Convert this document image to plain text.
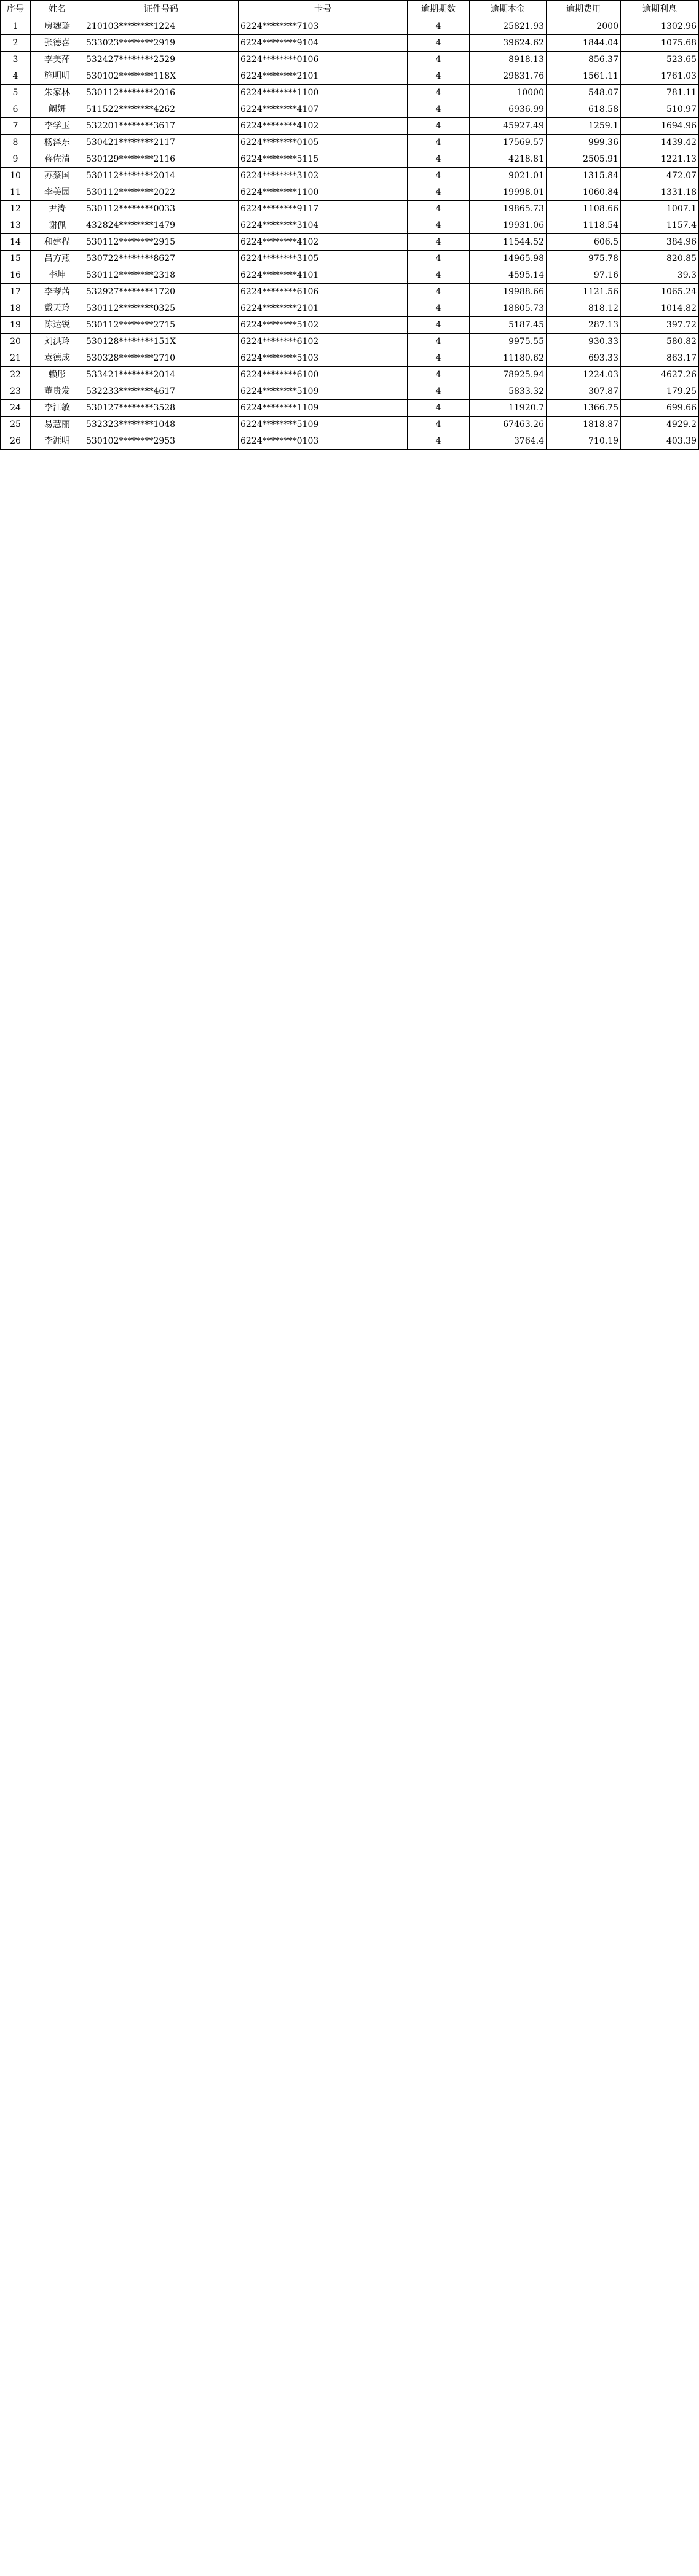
序号	姓名	证件号码	卡号	逾期期数	逾期本金	逾期费用	逾期利息
1	房魏璇	210103********1224	6224********7103	4	25821.93	2000	1302.96
2	张德喜	533023********2919	6224********9104	4	39624.62	1844.04	1075.68
3	李美萍	532427********2529	6224********0106	4	8918.13	856.37	523.65
4	施明明	530102********118X	6224********2101	4	29831.76	1561.11	1761.03
5	朱家林	530112********2016	6224********1100	4	10000	548.07	781.11
6	阚妍	511522********4262	6224********4107	4	6936.99	618.58	510.97
7	李学玉	532201********3617	6224********4102	4	45927.49	1259.1	1694.96
8	杨泽东	530421********2117	6224********0105	4	17569.57	999.36	1439.42
9	蒋佐清	530129********2116	6224********5115	4	4218.81	2505.91	1221.13
10	苏蔡国	530112********2014	6224********3102	4	9021.01	1315.84	472.07
11	李美园	530112********2022	6224********1100	4	19998.01	1060.84	1331.18
12	尹涛	530112********0033	6224********9117	4	19865.73	1108.66	1007.1
13	谢佩	432824********1479	6224********3104	4	19931.06	1118.54	1157.4
14	和建程	530112********2915	6224********4102	4	11544.52	606.5	384.96
15	吕方燕	530722********8627	6224********3105	4	14965.98	975.78	820.85
16	李坤	530112********2318	6224********4101	4	4595.14	97.16	39.3
17	李琴茜	532927********1720	6224********6106	4	19988.66	1121.56	1065.24
18	戴天玲	530112********0325	6224********2101	4	18805.73	818.12	1014.82
19	陈达锐	530112********2715	6224********5102	4	5187.45	287.13	397.72
20	刘洪玲	530128********151X	6224********6102	4	9975.55	930.33	580.82
21	袁德成	530328********2710	6224********5103	4	11180.62	693.33	863.17
22	赖彤	533421********2014	6224********6100	4	78925.94	1224.03	4627.26
23	董贵发	532233********4617	6224********5109	4	5833.32	307.87	179.25
24	李江敏	530127********3528	6224********1109	4	11920.7	1366.75	699.66
25	易慧丽	532323********1048	6224********5109	4	67463.26	1818.87	4929.2
26	李涯明	530102********2953	6224********0103	4	3764.4	710.19	403.39
